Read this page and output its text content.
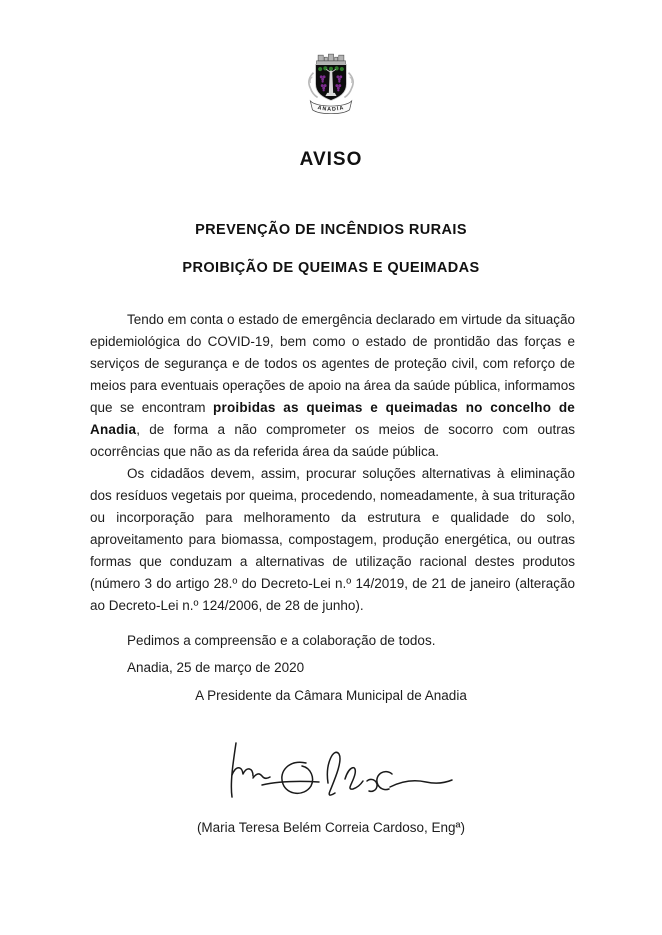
ANADIA
AVISO
PREVENÇÃO DE INCÊNDIOS RURAIS
PROIBIÇÃO DE QUEIMAS E QUEIMADAS

Tendo em conta o estado de emergência declarado em virtude da situação epidemiológica do COVID-19, bem como o estado de prontidão das forças e serviços de segurança e de todos os agentes de proteção civil, com reforço de meios para eventuais operações de apoio na área da saúde pública, informamos que se encontram proibidas as queimas e queimadas no concelho de Anadia, de forma a não comprometer os meios de socorro com outras ocorrências que não as da referida área da saúde pública.

Os cidadãos devem, assim, procurar soluções alternativas à eliminação dos resíduos vegetais por queima, procedendo, nomeadamente, à sua trituração ou incorporação para melhoramento da estrutura e qualidade do solo, aproveitamento para biomassa, compostagem, produção energética, ou outras formas que conduzam a alternativas de utilização racional destes produtos (número 3 do artigo 28.º do Decreto-Lei n.º 14/2019, de 21 de janeiro (alteração ao Decreto-Lei n.º 124/2006, de 28 de junho).

Pedimos a compreensão e a colaboração de todos.

Anadia, 25 de março de 2020

A Presidente da Câmara Municipal de Anadia

(Maria Teresa Belém Correia Cardoso, Engª)
